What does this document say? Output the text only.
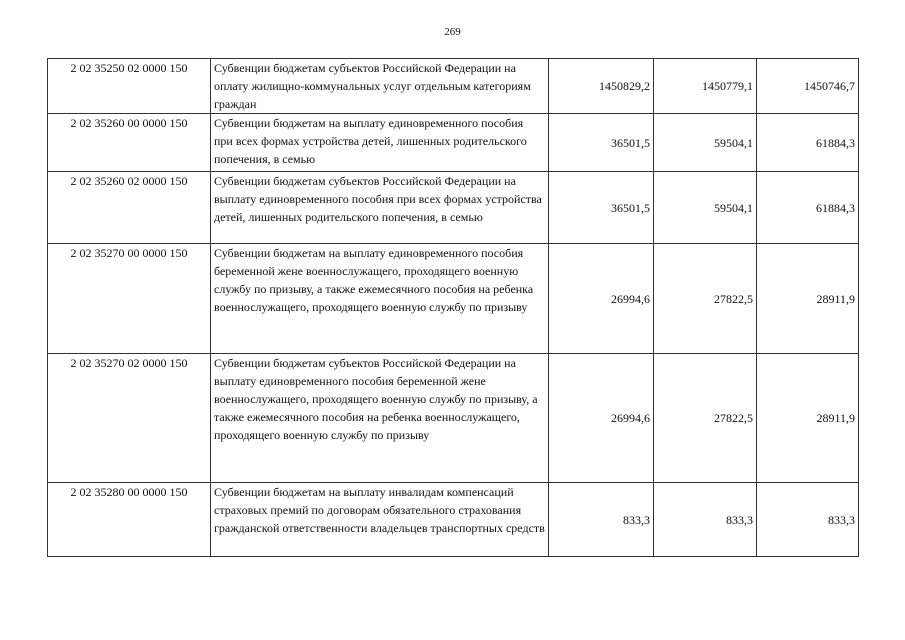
269
2 02 35250 02 0000 150	Субвенции бюджетам субъектов Российской Федерации на оплату жилищно-коммунальных услуг отдельным категориям граждан	1450829,2	1450779,1	1450746,7
2 02 35260 00 0000 150	Субвенции бюджетам на выплату единовременного пособия при всех формах устройства детей, лишенных родительского попечения, в семью	36501,5	59504,1	61884,3
2 02 35260 02 0000 150	Субвенции бюджетам субъектов Российской Федерации на выплату единовременного пособия при всех формах устройства детей, лишенных родительского попечения, в семью	36501,5	59504,1	61884,3
2 02 35270 00 0000 150	Субвенции бюджетам на выплату единовременного пособия беременной жене военнослужащего, проходящего военную службу по призыву, а также ежемесячного пособия на ребенка военнослужащего, проходящего военную службу по призыву	26994,6	27822,5	28911,9
2 02 35270 02 0000 150	Субвенции бюджетам субъектов Российской Федерации на выплату единовременного пособия беременной жене военнослужащего, проходящего военную службу по призыву, а также ежемесячного пособия на ребенка военнослужащего, проходящего военную службу по призыву	26994,6	27822,5	28911,9
2 02 35280 00 0000 150	Субвенции бюджетам на выплату инвалидам компенсаций страховых премий по договорам обязательного страхования гражданской ответственности владельцев транспортных средств	833,3	833,3	833,3
